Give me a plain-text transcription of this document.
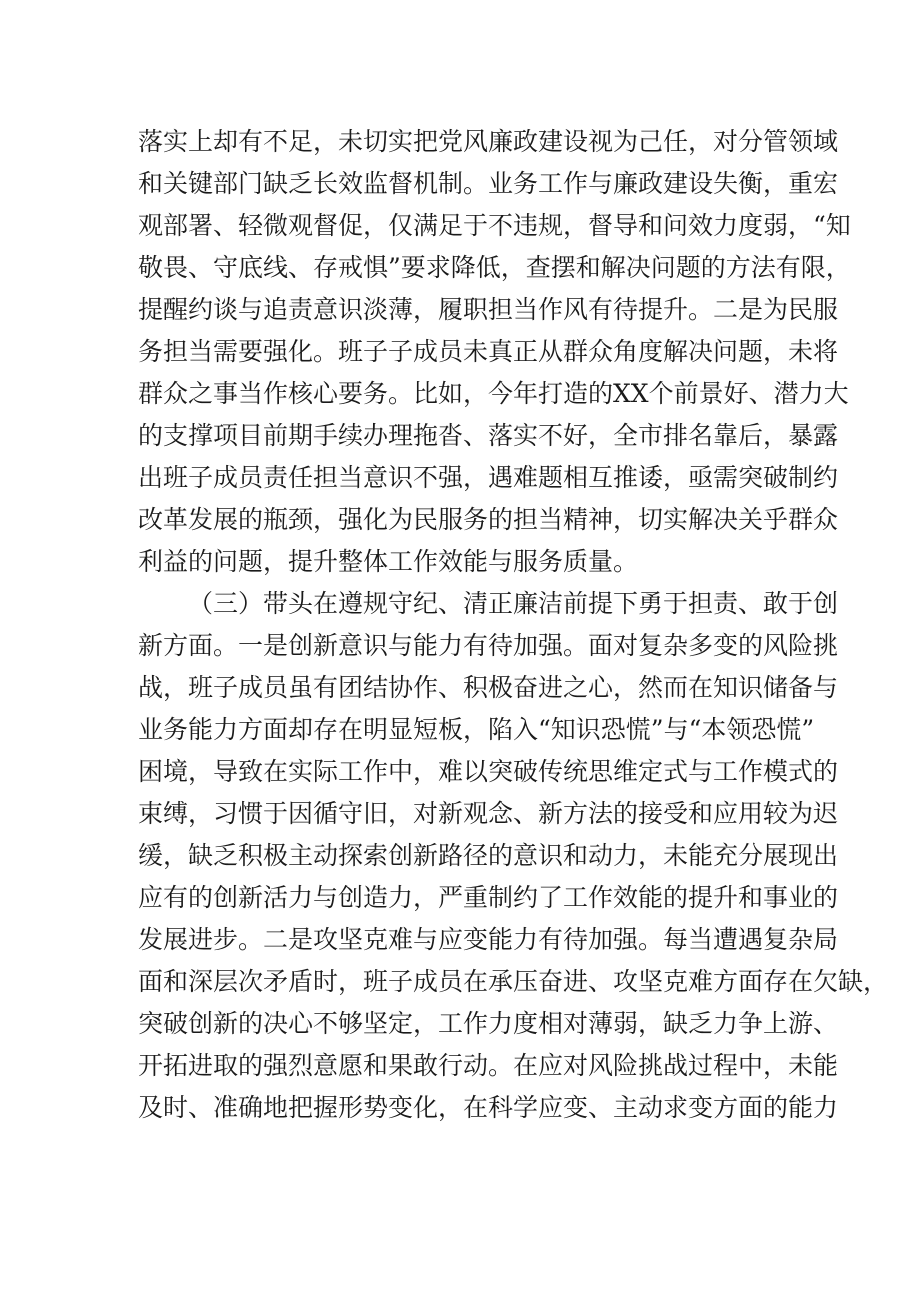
落实上却有不足，未切实把党风廉政建设视为己任，对分管领域
和关键部门缺乏长效监督机制。业务工作与廉政建设失衡，重宏
观部署、轻微观督促，仅满足于不违规，督导和问效力度弱，“知
敬畏、守底线、存戒惧”要求降低，查摆和解决问题的方法有限，
提醒约谈与追责意识淡薄，履职担当作风有待提升。二是为民服
务担当需要强化。班子子成员未真正从群众角度解决问题，未将
群众之事当作核心要务。比如，今年打造的XX个前景好、潜力大
的支撑项目前期手续办理拖沓、落实不好，全市排名靠后，暴露
出班子成员责任担当意识不强，遇难题相互推诿，亟需突破制约
改革发展的瓶颈，强化为民服务的担当精神，切实解决关乎群众
利益的问题，提升整体工作效能与服务质量。
（三）带头在遵规守纪、清正廉洁前提下勇于担责、敢于创
新方面。一是创新意识与能力有待加强。面对复杂多变的风险挑
战，班子成员虽有团结协作、积极奋进之心，然而在知识储备与
业务能力方面却存在明显短板，陷入“知识恐慌”与“本领恐慌”
困境，导致在实际工作中，难以突破传统思维定式与工作模式的
束缚，习惯于因循守旧，对新观念、新方法的接受和应用较为迟
缓，缺乏积极主动探索创新路径的意识和动力，未能充分展现出
应有的创新活力与创造力，严重制约了工作效能的提升和事业的
发展进步。二是攻坚克难与应变能力有待加强。每当遭遇复杂局
面和深层次矛盾时，班子成员在承压奋进、攻坚克难方面存在欠缺，
突破创新的决心不够坚定，工作力度相对薄弱，缺乏力争上游、
开拓进取的强烈意愿和果敢行动。在应对风险挑战过程中，未能
及时、准确地把握形势变化，在科学应变、主动求变方面的能力
